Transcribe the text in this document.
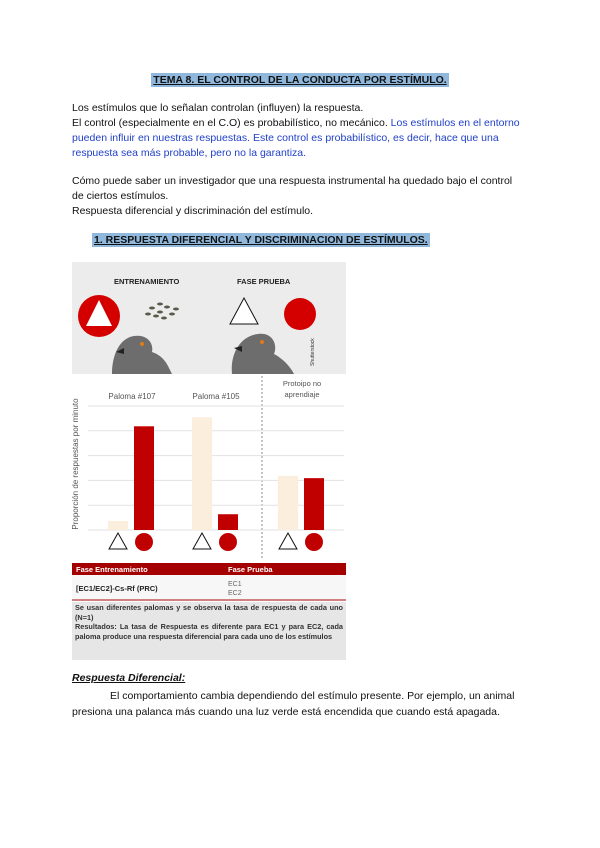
TEMA 8. EL CONTROL DE LA CONDUCTA POR ESTÍMULO.
Los estímulos que lo señalan controlan (influyen) la respuesta.
El control (especialmente en el C.O) es probabilístico, no mecánico. Los estímulos en el entorno pueden influir en nuestras respuestas. Este control es probabilístico, es decir, hace que una respuesta sea más probable, pero no la garantiza.
Cómo puede saber un investigador que una respuesta instrumental ha quedado bajo el control de ciertos estímulos.
Respuesta diferencial y discriminación del estímulo.
1. RESPUESTA DIFERENCIAL Y DISCRIMINACION DE ESTÍMULOS.
ENTRENAMIENTO	FASE PRUEBA
Shutterstock
Paloma #107	Paloma #105
Protoipo no aprendiaje
Proporción de respuestas por minuto
Fase Entrenamiento	Fase Prueba
[EC1/EC2]-Cs-Rf (PRC)	EC1
EC2
Se usan diferentes palomas y se observa la tasa de respuesta de cada uno (N=1)
Resultados: La tasa de Respuesta es diferente para EC1 y para EC2, cada paloma produce una respuesta diferencial para cada uno de los estímulos
Respuesta Diferencial:
El comportamiento cambia dependiendo del estímulo presente. Por ejemplo, un animal presiona una palanca más cuando una luz verde está encendida que cuando está apagada.
